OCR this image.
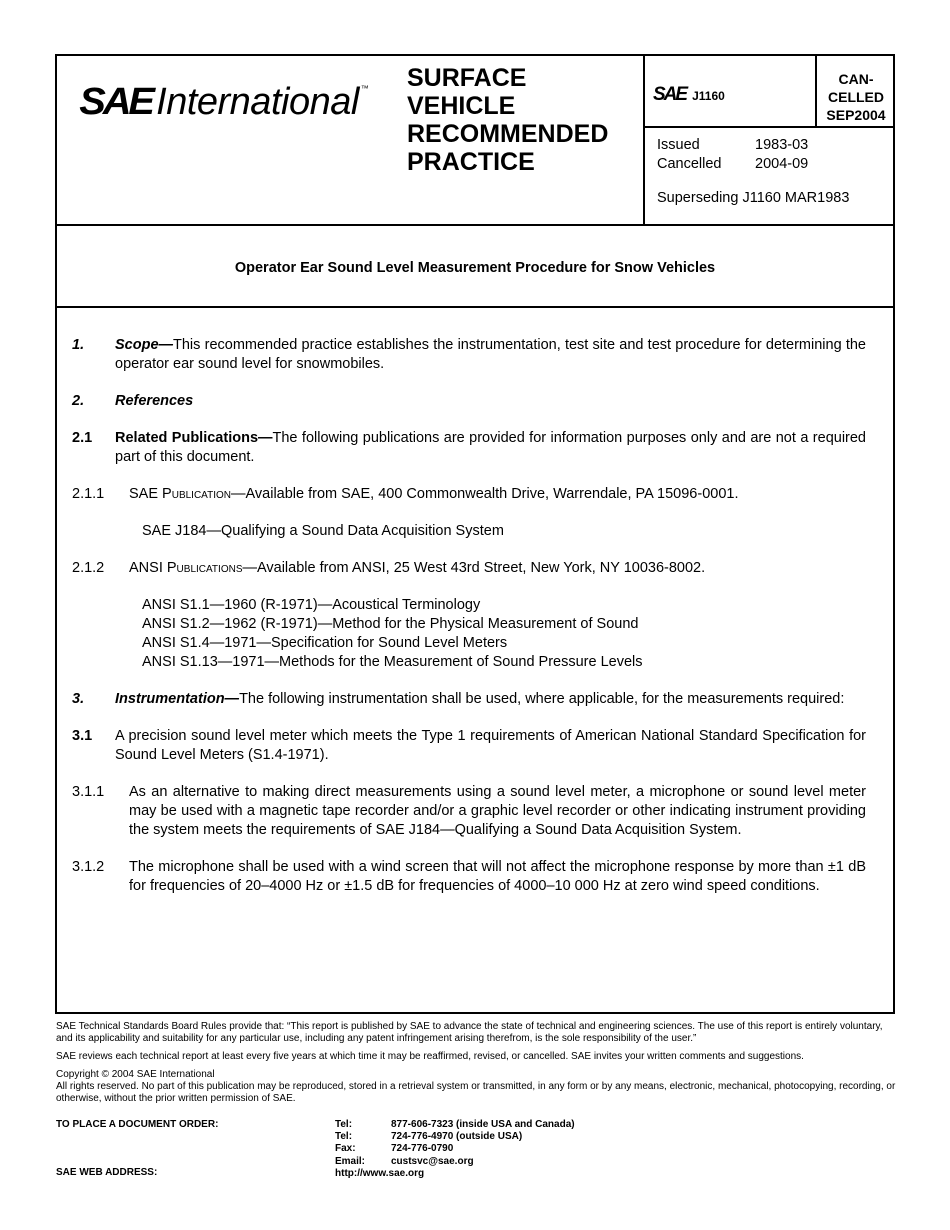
SAE International ™ SURFACE
VEHICLE
RECOMMENDED
PRACTICE
SAE J1160
CAN-
CELLED
SEP2004
Issued	1983-03
Cancelled	2004-09
Superseding J1160 MAR1983
Operator Ear Sound Level Measurement Procedure for Snow Vehicles
1.	Scope—This recommended practice establishes the instrumentation, test site and test procedure for determining the operator ear sound level for snowmobiles.
2.	References
2.1	Related Publications—The following publications are provided for information purposes only and are not a required part of this document.
2.1.1	SAE Publication—Available from SAE, 400 Commonwealth Drive, Warrendale, PA 15096-0001.
SAE J184—Qualifying a Sound Data Acquisition System
2.1.2	ANSI Publications—Available from ANSI, 25 West 43rd Street, New York, NY 10036-8002.
ANSI S1.1—1960 (R-1971)—Acoustical Terminology
ANSI S1.2—1962 (R-1971)—Method for the Physical Measurement of Sound
ANSI S1.4—1971—Specification for Sound Level Meters
ANSI S1.13—1971—Methods for the Measurement of Sound Pressure Levels
3.	Instrumentation—The following instrumentation shall be used, where applicable, for the measurements required:
3.1	A precision sound level meter which meets the Type 1 requirements of American National Standard Specification for Sound Level Meters (S1.4-1971).
3.1.1	As an alternative to making direct measurements using a sound level meter, a microphone or sound level meter may be used with a magnetic tape recorder and/or a graphic level recorder or other indicating instrument providing the system meets the requirements of SAE J184—Qualifying a Sound Data Acquisition System.
3.1.2	The microphone shall be used with a wind screen that will not affect the microphone response by more than ±1 dB for frequencies of 20–4000 Hz or ±1.5 dB for frequencies of 4000–10 000 Hz at zero wind speed conditions.

SAE Technical Standards Board Rules provide that: “This report is published by SAE to advance the state of technical and engineering sciences. The use of this report is entirely voluntary, and its applicability and suitability for any particular use, including any patent infringement arising therefrom, is the sole responsibility of the user.”

SAE reviews each technical report at least every five years at which time it may be reaffirmed, revised, or cancelled. SAE invites your written comments and suggestions.

Copyright © 2004 SAE International
All rights reserved. No part of this publication may be reproduced, stored in a retrieval system or transmitted, in any form or by any means, electronic, mechanical, photocopying, recording, or otherwise, without the prior written permission of SAE.
TO PLACE A DOCUMENT ORDER:
SAE WEB ADDRESS:
Tel:	877-606-7323 (inside USA and Canada)
Tel:	724-776-4970 (outside USA)
Fax:	724-776-0790
Email:	custsvc@sae.org
http://www.sae.org
